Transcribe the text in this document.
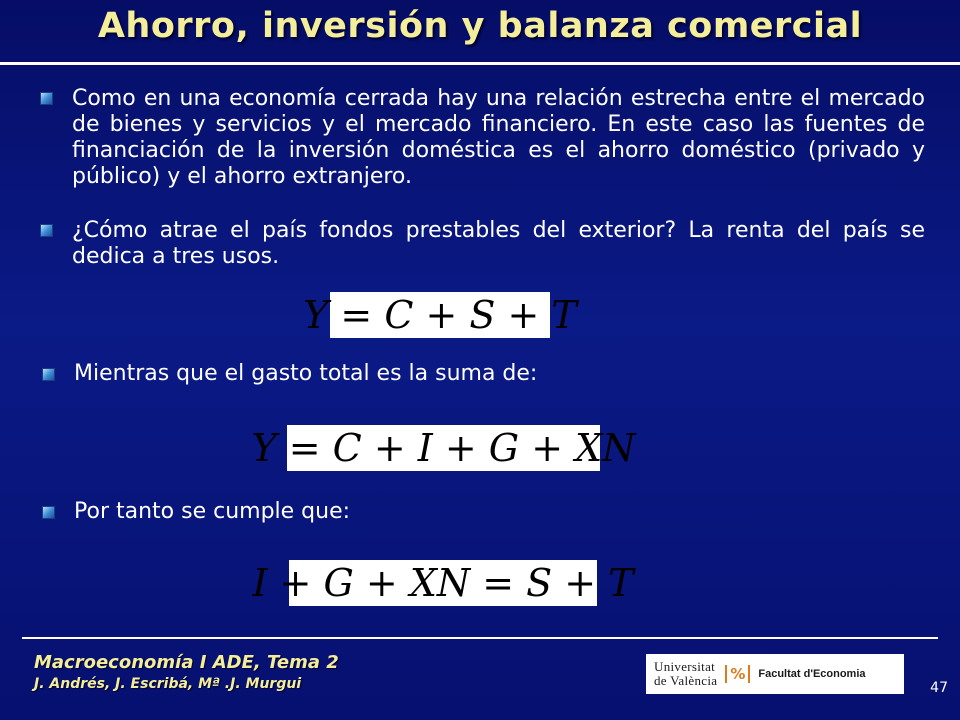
Ahorro, inversión y balanza comercial
Como en una economía cerrada hay una relación estrecha entre el mercado de bienes y servicios y el mercado financiero. En este caso las fuentes de financiación de la inversión doméstica es el ahorro doméstico (privado y público) y el ahorro extranjero.
¿Cómo atrae el país fondos prestables del exterior? La renta del país se dedica a tres usos.
Y = C + S + T
Mientras que el gasto total es la suma de:
Y = C + I + G + XN
Por tanto se cumple que:
I + G + XN = S + T
Macroeconomía I ADE, Tema 2
J. Andrés, J. Escribá, Mª .J. Murgui
Universitat
de València %	Facultat d'Economia
47
